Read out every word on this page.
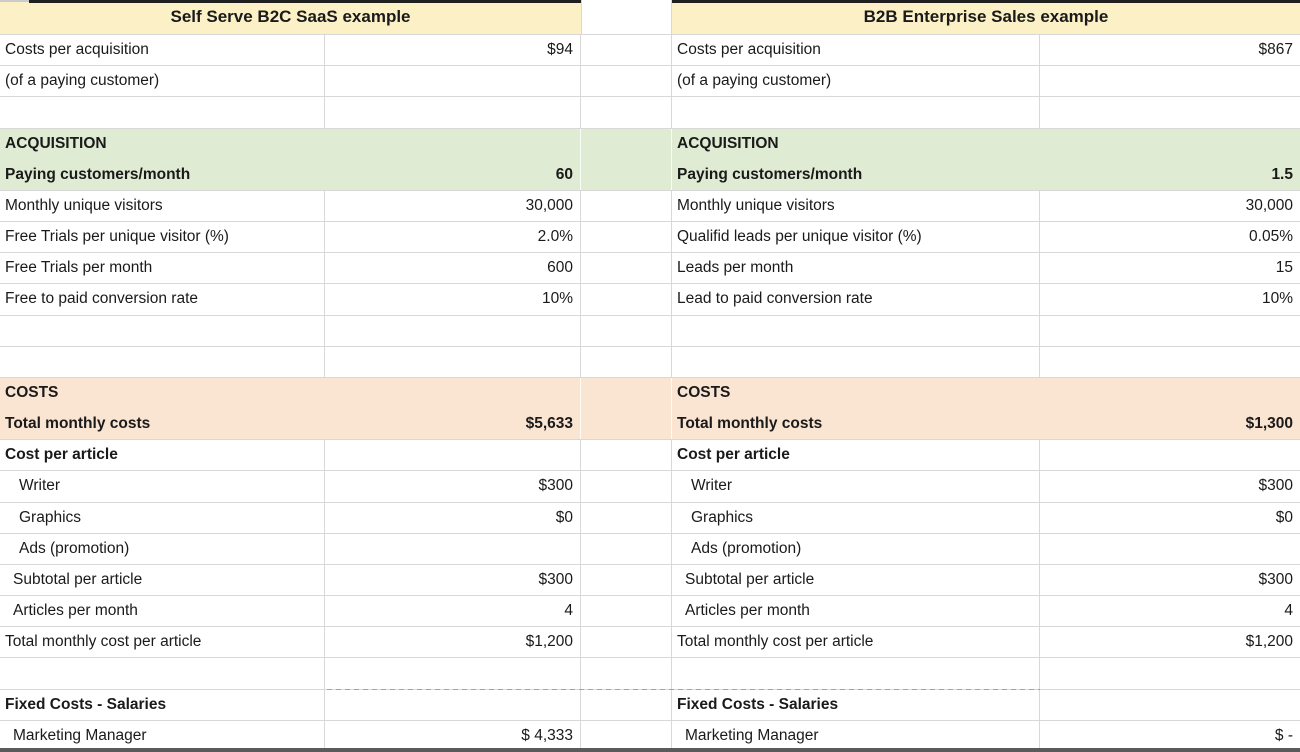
Self Serve B2C SaaS example	B2B Enterprise Sales example
Costs per acquisition	$94	Costs per acquisition	$867
(of a paying customer)	(of a paying customer)
ACQUISITION	ACQUISITION
Paying customers/month	60	Paying customers/month	1.5
Monthly unique visitors	30,000	Monthly unique visitors	30,000
Free Trials per unique visitor (%)	2.0%	Qualifid leads per unique visitor (%)	0.05%
Free Trials per month	600	Leads per month	15
Free to paid conversion rate	10%	Lead to paid conversion rate	10%
COSTS	COSTS
Total monthly costs	$5,633	Total monthly costs	$1,300
Cost per article	Cost per article
Writer	$300	Writer	$300
Graphics	$0	Graphics	$0
Ads (promotion)	Ads (promotion)
Subtotal per article	$300	Subtotal per article	$300
Articles per month	4	Articles per month	4
Total monthly cost per article	$1,200	Total monthly cost per article	$1,200
Fixed Costs - Salaries	Fixed Costs - Salaries
Marketing Manager	$ 4,333	Marketing Manager	$ -
